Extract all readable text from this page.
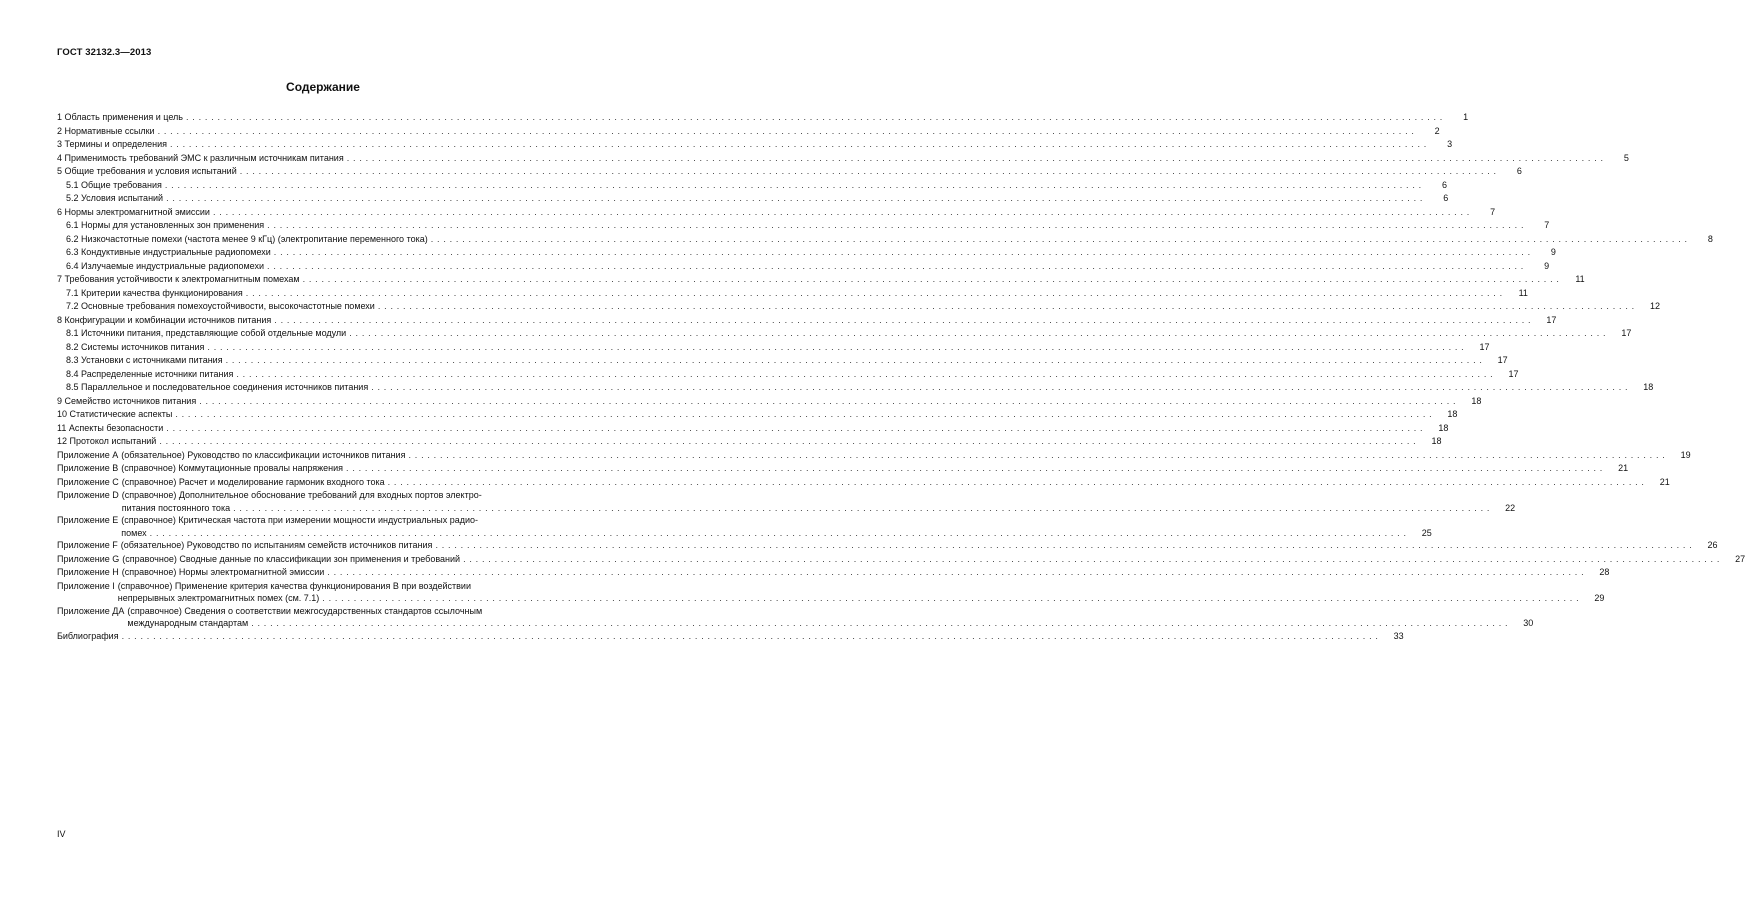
ГОСТ 32132.3—2013
Содержание
1 Область применения и цель ........................................................................................................................................................................................................	1
2 Нормативные ссылки ........................................................................................................................................................................................................	2
3 Термины и определения ........................................................................................................................................................................................................	3
4 Применимость требований ЭМС к различным источникам питания ........................................................................................................................................................................................................	5
5 Общие требования и условия испытаний ........................................................................................................................................................................................................	6
5.1 Общие требования ........................................................................................................................................................................................................	6
5.2 Условия испытаний ........................................................................................................................................................................................................	6
6 Нормы электромагнитной эмиссии ........................................................................................................................................................................................................	7
6.1 Нормы для установленных зон применения ........................................................................................................................................................................................................	7
6.2 Низкочастотные помехи (частота менее 9 кГц) (электропитание переменного тока) ........................................................................................................................................................................................................	8
6.3 Кондуктивные индустриальные радиопомехи ........................................................................................................................................................................................................	9
6.4 Излучаемые индустриальные радиопомехи ........................................................................................................................................................................................................	9
7 Требования устойчивости к электромагнитным помехам ........................................................................................................................................................................................................	11
7.1 Критерии качества функционирования ........................................................................................................................................................................................................	11
7.2 Основные требования помехоустойчивости, высокочастотные помехи ........................................................................................................................................................................................................	12
8 Конфигурации и комбинации источников питания ........................................................................................................................................................................................................	17
8.1 Источники питания, представляющие собой отдельные модули ........................................................................................................................................................................................................	17
8.2 Системы источников питания ........................................................................................................................................................................................................	17
8.3 Установки с источниками питания ........................................................................................................................................................................................................	17
8.4 Распределенные источники питания ........................................................................................................................................................................................................	17
8.5 Параллельное и последовательное соединения источников питания ........................................................................................................................................................................................................	18
9 Семейство источников питания ........................................................................................................................................................................................................	18
10 Статистические аспекты ........................................................................................................................................................................................................	18
11 Аспекты безопасности ........................................................................................................................................................................................................	18
12 Протокол испытаний ........................................................................................................................................................................................................	18
Приложение А (обязательное) Руководство по классификации источников питания ........................................................................................................................................................................................................	19
Приложение В (справочное) Коммутационные провалы напряжения ........................................................................................................................................................................................................	21
Приложение С (справочное) Расчет и моделирование гармоник входного тока ........................................................................................................................................................................................................	21
Приложение D (справочное) Дополнительное обоснование требований для входных портов электро-
питания постоянного тока ........................................................................................................................................................................................................	22
Приложение Е (справочное) Критическая частота при измерении мощности индустриальных радио-
помех ........................................................................................................................................................................................................	25
Приложение F (обязательное) Руководство по испытаниям семейств источников питания ........................................................................................................................................................................................................	26
Приложение G (справочное) Сводные данные по классификации зон применения и требований ........................................................................................................................................................................................................	27
Приложение Н (справочное) Нормы электромагнитной эмиссии ........................................................................................................................................................................................................	28
Приложение I (справочное) Применение критерия качества функционирования В при воздействии
непрерывных электромагнитных помех (см. 7.1) ........................................................................................................................................................................................................	29
Приложение ДА (справочное) Сведения о соответствии межгосударственных стандартов ссылочным
международным стандартам ........................................................................................................................................................................................................	30
Библиография ........................................................................................................................................................................................................	33
IV
